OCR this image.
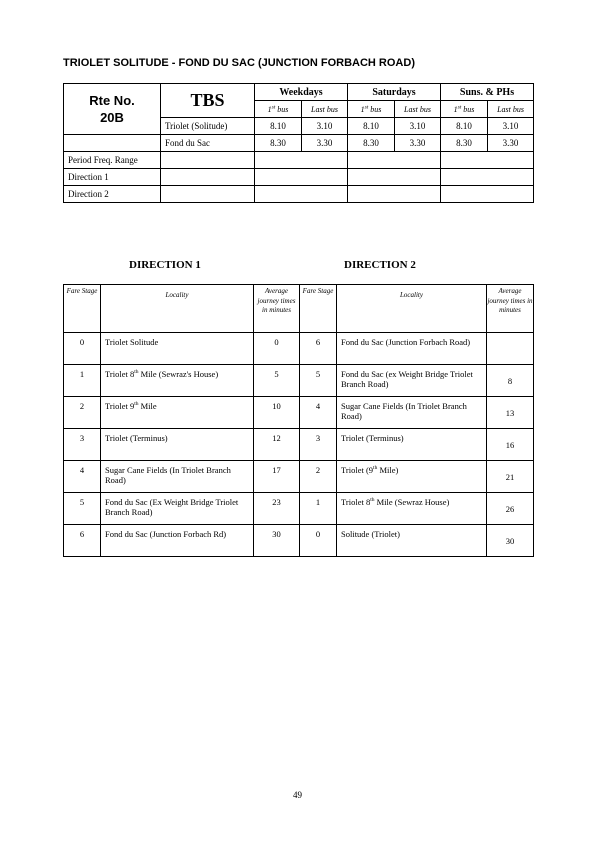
TRIOLET SOLITUDE - FOND DU SAC (JUNCTION FORBACH ROAD)
Rte No.
20B	TBS	Weekdays		Saturdays		Suns. & PHs	
		1st bus	Last bus	1st bus	Last bus	1st bus	Last bus
	Triolet (Solitude)	8.10	3.10	8.10	3.10	8.10	3.10
	Fond du Sac	8.30	3.30	8.30	3.30	8.30	3.30
Period Freq. Range							
Direction 1							
Direction 2							
DIRECTION 1	DIRECTION 2
Fare Stage	Locality	Average journey times in minutes	Fare Stage	Locality	Average journey times in minutes
0	Triolet Solitude	0	6	Fond du Sac (Junction Forbach Road)	
1	Triolet 8th Mile (Sewraz's House)	5	5	Fond du Sac (ex Weight Bridge Triolet Branch Road)	8
2	Triolet 9th Mile	10	4	Sugar Cane Fields (In Triolet Branch Road)	13
3	Triolet (Terminus)	12	3	Triolet (Terminus)	16
4	Sugar Cane Fields (In Triolet Branch Road)	17	2	Triolet (9th Mile)	21
5	Fond du Sac (Ex Weight Bridge Triolet Branch Road)	23	1	Triolet 8th Mile (Sewraz House)	26
6	Fond du Sac (Junction Forbach Rd)	30	0	Solitude (Triolet)	30
49
